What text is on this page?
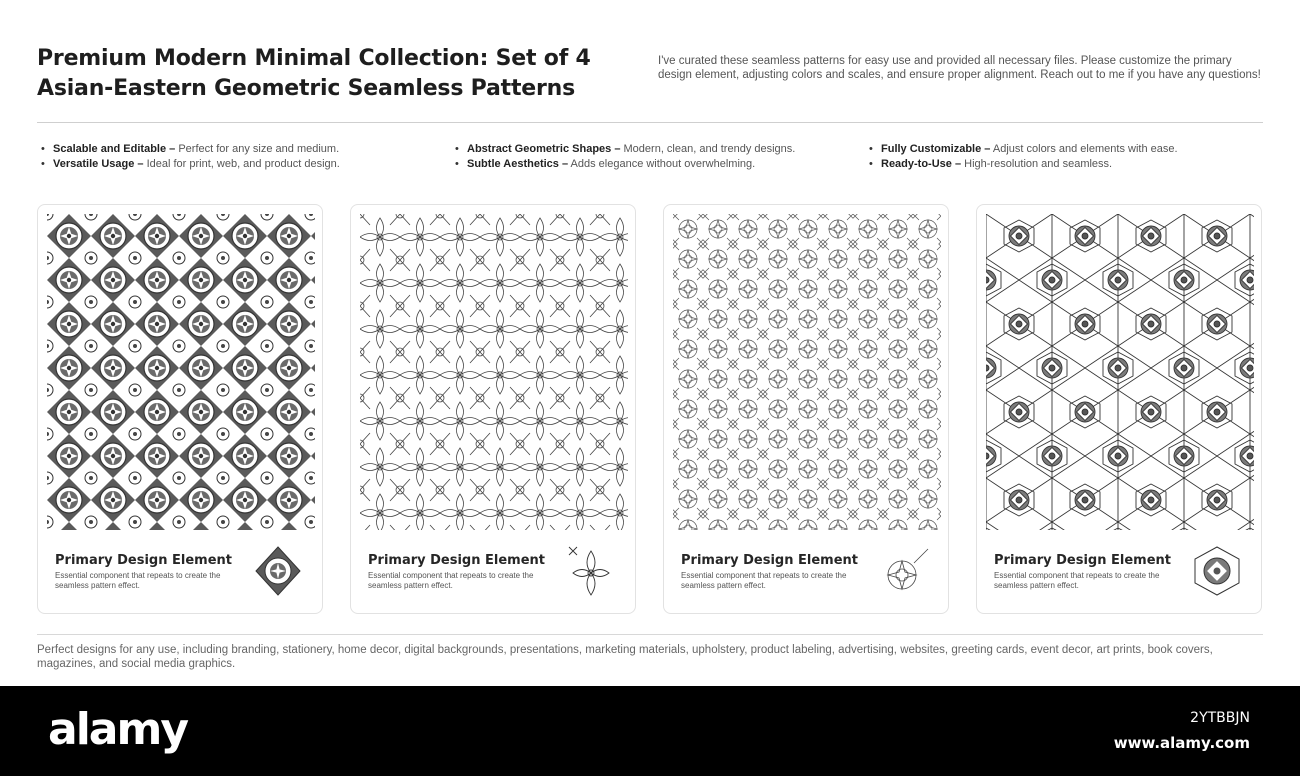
Premium Modern Minimal Collection: Set of 4 Asian-Eastern Geometric Seamless Patterns

I've curated these seamless patterns for easy use and provided all necessary files. Please customize the primary design element, adjusting colors and scales, and ensure proper alignment. Reach out to me if you have any questions!

• Scalable and Editable – Perfect for any size and medium.
• Versatile Usage – Ideal for print, web, and product design.
• Abstract Geometric Shapes – Modern, clean, and trendy designs.
• Subtle Aesthetics – Adds elegance without overwhelming.
• Fully Customizable – Adjust colors and elements with ease.
• Ready-to-Use – High-resolution and seamless.

Primary Design Element

Essential component that repeats to create the seamless pattern effect.

Primary Design Element

Essential component that repeats to create the seamless pattern effect.

Primary Design Element

Essential component that repeats to create the seamless pattern effect.

Primary Design Element

Essential component that repeats to create the seamless pattern effect.

Perfect designs for any use, including branding, stationery, home decor, digital backgrounds, presentations, marketing materials, upholstery, product labeling, advertising, websites, greeting cards, event decor, art prints, book covers, magazines, and social media graphics.

alamy	2YTBBJN

www.alamy.com
